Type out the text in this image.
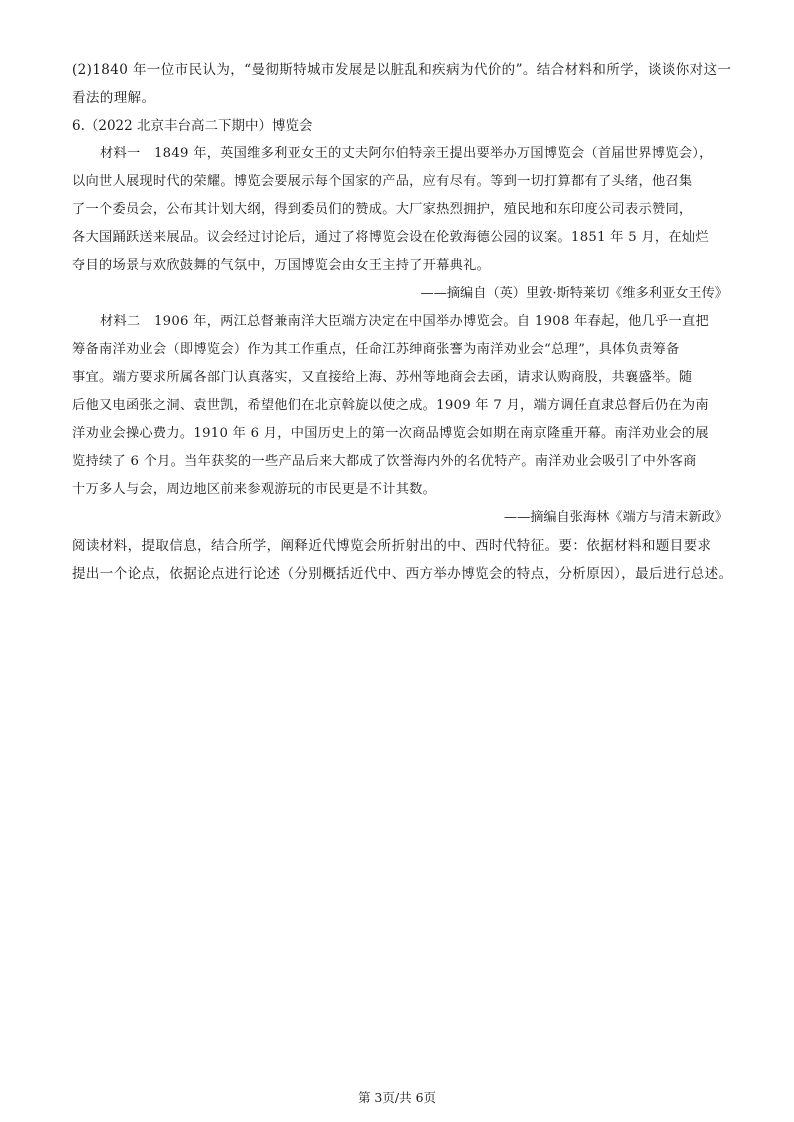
(2)1840 年一位市民认为，“曼彻斯特城市发展是以脏乱和疾病为代价的”。结合材料和所学，谈谈你对这一
看法的理解。
6.（2022 北京丰台高二下期中）博览会
材料一　1849 年，英国维多利亚女王的丈夫阿尔伯特亲王提出要举办万国博览会（首届世界博览会），
以向世人展现时代的荣耀。博览会要展示每个国家的产品，应有尽有。等到一切打算都有了头绪，他召集
了一个委员会，公布其计划大纲，得到委员们的赞成。大厂家热烈拥护，殖民地和东印度公司表示赞同，
各大国踊跃送来展品。议会经过讨论后，通过了将博览会设在伦敦海德公园的议案。1851 年 5 月，在灿烂
夺目的场景与欢欣鼓舞的气氛中，万国博览会由女王主持了开幕典礼。
——摘编自（英）里敦·斯特莱切《维多利亚女王传》
材料二　1906 年，两江总督兼南洋大臣端方决定在中国举办博览会。自 1908 年春起，他几乎一直把
筹备南洋劝业会（即博览会）作为其工作重点，任命江苏绅商张謇为南洋劝业会“总理”，具体负责筹备
事宜。端方要求所属各部门认真落实，又直接给上海、苏州等地商会去函，请求认购商股，共襄盛举。随
后他又电函张之洞、袁世凯，希望他们在北京斡旋以使之成。1909 年 7 月，端方调任直隶总督后仍在为南
洋劝业会操心费力。1910 年 6 月，中国历史上的第一次商品博览会如期在南京隆重开幕。南洋劝业会的展
览持续了 6 个月。当年获奖的一些产品后来大都成了饮誉海内外的名优特产。南洋劝业会吸引了中外客商
十万多人与会，周边地区前来参观游玩的市民更是不计其数。
——摘编自张海林《端方与清末新政》
阅读材料，提取信息，结合所学，阐释近代博览会所折射出的中、西时代特征。要：依据材料和题目要求
提出一个论点，依据论点进行论述（分别概括近代中、西方举办博览会的特点，分析原因），最后进行总述。
第 3页/共 6页
